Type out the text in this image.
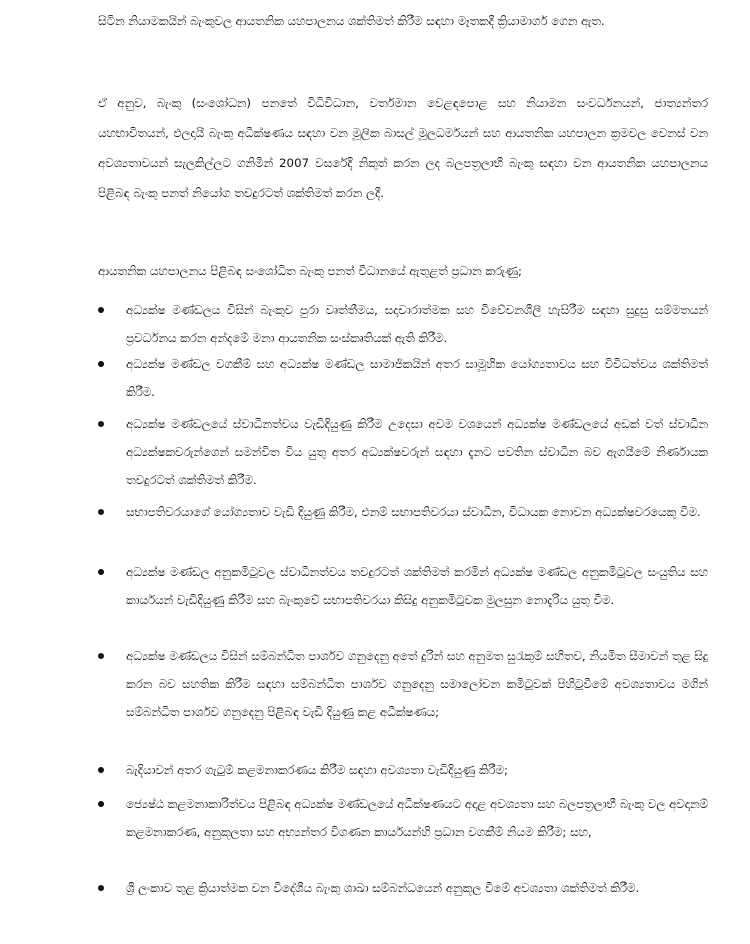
සිටින නියාමකයින් බැංකුවල ආයතනික යහපාලනය ශක්තිමත් කිරීම සඳහා මෑතකදී ක්‍රියාමාර්ග ගෙන ඇත.

ඒ අනුව, බැංකු (සංශෝධන) පනතේ විධිවිධාන, වර්තමාන වෙළඳපොළ සහ නියාමන සංවර්ධනයන්, ජාත්‍යන්තර යහභාවිතයන්, ඵලදායී බැංකු අධීක්ෂණය සඳහා වන මූලික බාසල් මූලධර්මයන් සහ ආයතනික යහපාලන ක්‍රමවල වෙනස් වන අවශ්‍යතාවයන් සැලකිල්ලට ගනිමින් 2007 වසරේදී නිකුත් කරන ලද බලපත්‍රලාභී බැංකු සඳහා වන ආයතනික යහපාලනය පිළිබඳ බැංකු පනත් නියෝග තවදුරටත් ශක්තිමත් කරන ලදී.

ආයතනික යහපාලනය පිළිබඳ සංශෝධිත බැංකු පනත් විධානයේ ඇතුළත් ප්‍රධාන කරුණු;

අධ්‍යක්ෂ මණ්ඩලය විසින් බැංකුව පුරා වෘත්තීමය, සදාචාරාත්මක සහ විවේචනශීලී හැසිරීම සඳහා සුදුසු සම්මතයන් ප්‍රවර්ධනය කරන අන්දමේ මනා ආයතනික සංස්කෘතියක් ඇති කිරීම.

අධ්‍යක්ෂ මණ්ඩල වගකීම් සහ අධ්‍යක්ෂ මණ්ඩල සාමාජිකයින් අතර සාමූහික යෝග්‍යතාවය සහ විවිධත්වය ශක්තිමත් කිරීම.

අධ්‍යක්ෂ මණ්ඩලයේ ස්වාධීනත්වය වැඩිදියුණු කිරීම උදෙසා අවම වශයෙන් අධ්‍යක්ෂ මණ්ඩලයේ අඩක් වත් ස්වාධීන අධ්‍යක්ෂකවරුන්ගෙන් සමන්විත විය යුතු අතර අධ්‍යක්ෂවරුන් සඳහා දැනට පවතින ස්වාධීන බව ඇගයීමේ නිර්ණායක තවදුරටත් ශක්තිමත් කිරීම.

සභාපතිවරයාගේ යෝග්‍යතාව වැඩි දියුණු කිරීම, එනම් සභාපතිවරයා ස්වාධීන, විධායක නොවන අධ්‍යක්ෂවරයෙකු වීම.

අධ්‍යක්ෂ මණ්ඩල අනුකමිටුවල ස්වාධීනත්වය තවදුරටත් ශක්තිමත් කරමින් අධ්‍යක්ෂ මණ්ඩල අනුකමිටුවල සංයුතිය සහ කාර්යයන් වැඩිදියුණු කිරීම සහ බැංකුවේ සභාපතිවරයා කිසිදු අනුකමිටුවක මුලසුන නොදැරිය යුතු වීම.

අධ්‍යක්ෂ මණ්ඩලය විසින් සම්බන්ධිත පාර්ශව ගනුදෙනු අතේ දුරින් සහ අනුමත සුරැකුම් සහිතව, නියමිත සීමාවන් තුළ සිදු කරන බව සහතික කිරීම සඳහා සම්බන්ධිත පාර්ශව ගනුදෙනු සමාලෝචන කමිටුවක් පිහිටුවීමේ අවශ්‍යතාවය මගින් සම්බන්ධිත පාර්ශව ගනුදෙනු පිළිබඳ වැඩි දියුණු කළ අධීක්ෂණය;

බැදියාවන් අතර ගැටුම් කළමනාකරණය කිරීම සඳහා අවශ්‍යතා වැඩිදියුණු කිරීම;

ජ්‍යෙෂ්ඨ කළමනාකාරිත්වය පිළිබඳ අධ්‍යක්ෂ මණ්ඩලයේ අධීක්ෂණයට අදාළ අවශ්‍යතා සහ බලපත්‍රලාභී බැංකු වල අවදානම් කළමනාකරණ, අනුකූලතා සහ අභ්‍යන්තර විගණන කාර්යයන්හි ප්‍රධාන වගකීම් නියම කිරීම; සහ,

ශ්‍රී ලංකාව තුළ ක්‍රියාත්මක වන විදේශීය බැංකු ශාඛා සම්බන්ධයෙන් අනුකූල වීමේ අවශ්‍යතා ශක්තිමත් කිරීම.
